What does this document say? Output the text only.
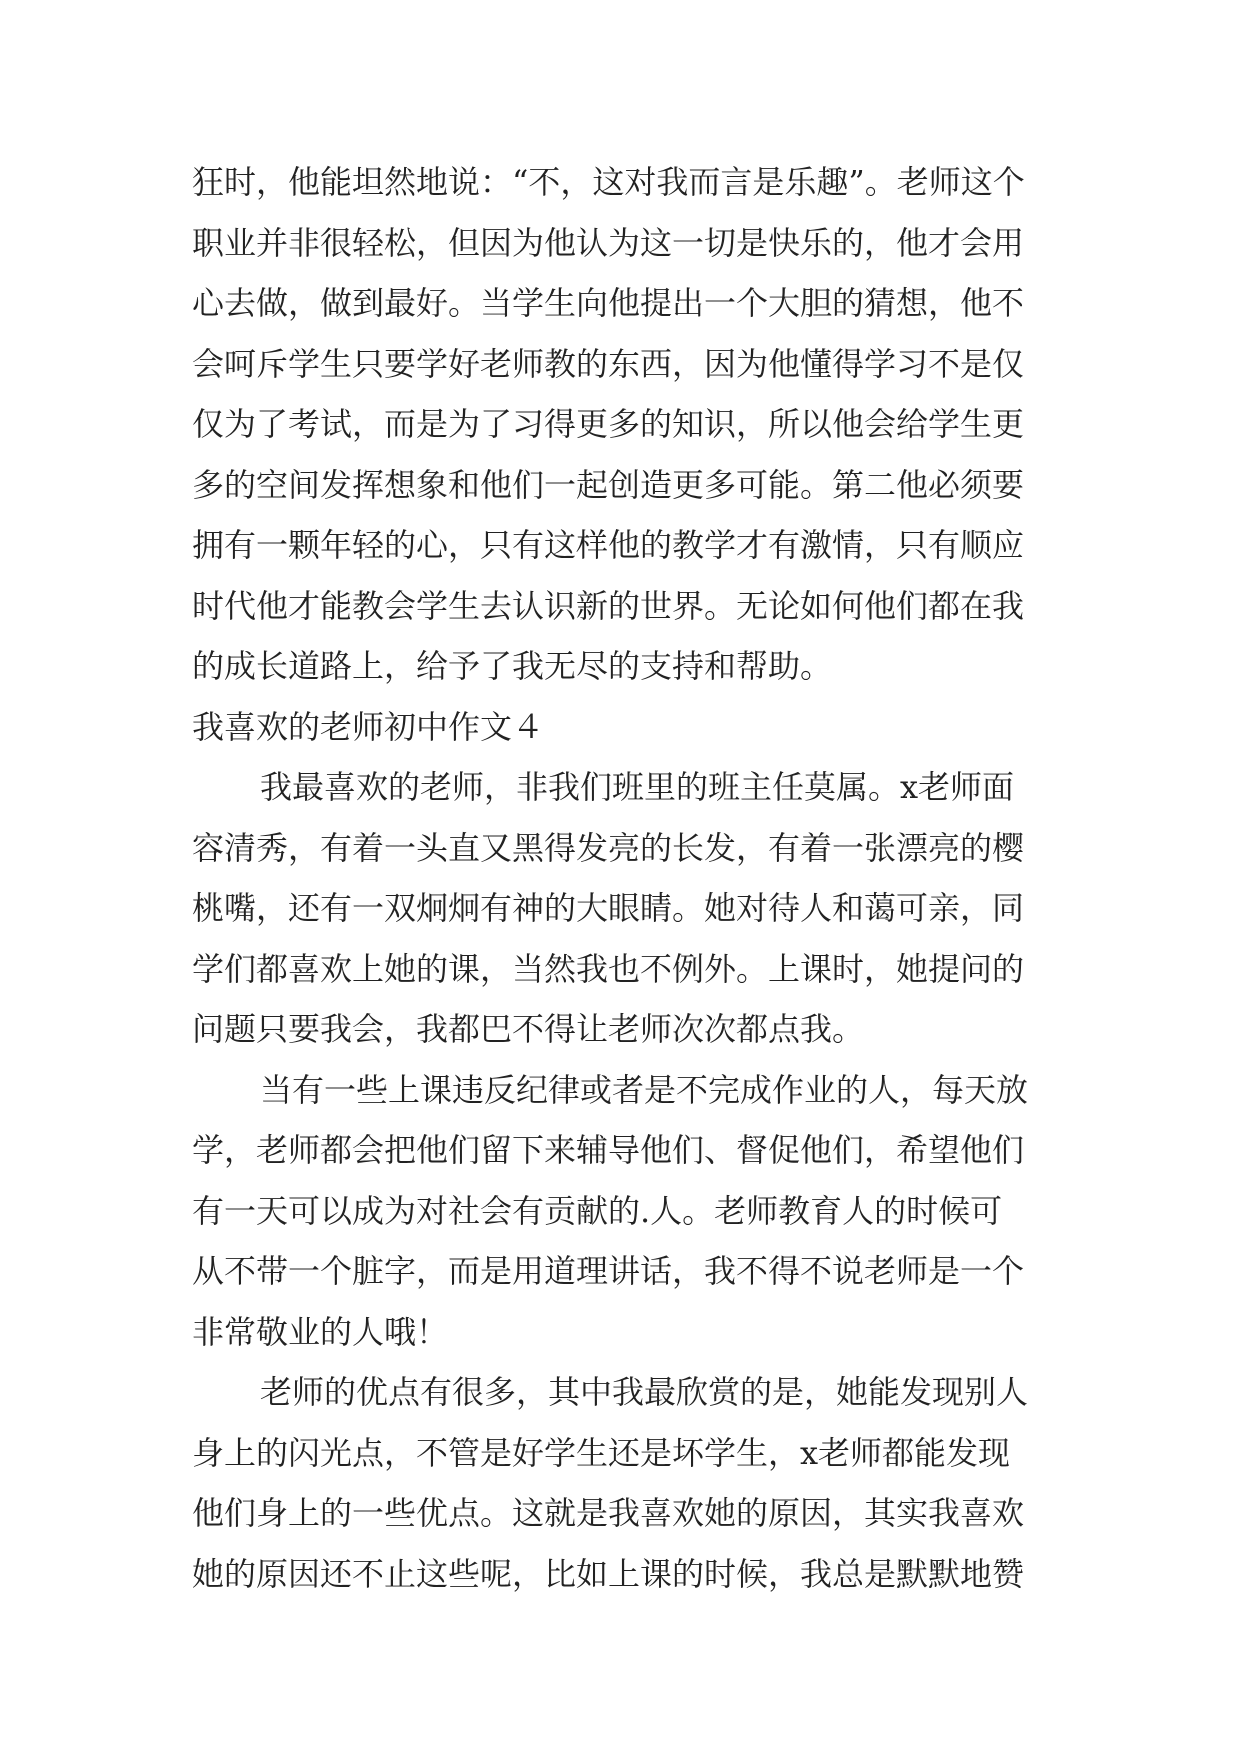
狂时，他能坦然地说：“不，这对我而言是乐趣”。老师这个
职业并非很轻松，但因为他认为这一切是快乐的，他才会用
心去做，做到最好。当学生向他提出一个大胆的猜想，他不
会呵斥学生只要学好老师教的东西，因为他懂得学习不是仅
仅为了考试，而是为了习得更多的知识，所以他会给学生更
多的空间发挥想象和他们一起创造更多可能。第二他必须要
拥有一颗年轻的心，只有这样他的教学才有激情，只有顺应
时代他才能教会学生去认识新的世界。无论如何他们都在我
的成长道路上，给予了我无尽的支持和帮助。
我喜欢的老师初中作文４
我最喜欢的老师，非我们班里的班主任莫属。x老师面
容清秀，有着一头直又黑得发亮的长发，有着一张漂亮的樱
桃嘴，还有一双炯炯有神的大眼睛。她对待人和蔼可亲，同
学们都喜欢上她的课，当然我也不例外。上课时，她提问的
问题只要我会，我都巴不得让老师次次都点我。
当有一些上课违反纪律或者是不完成作业的人，每天放
学，老师都会把他们留下来辅导他们、督促他们，希望他们
有一天可以成为对社会有贡献的.人。老师教育人的时候可
从不带一个脏字，而是用道理讲话，我不得不说老师是一个
非常敬业的人哦！
老师的优点有很多，其中我最欣赏的是，她能发现别人
身上的闪光点，不管是好学生还是坏学生，x老师都能发现
他们身上的一些优点。这就是我喜欢她的原因，其实我喜欢
她的原因还不止这些呢，比如上课的时候，我总是默默地赞
